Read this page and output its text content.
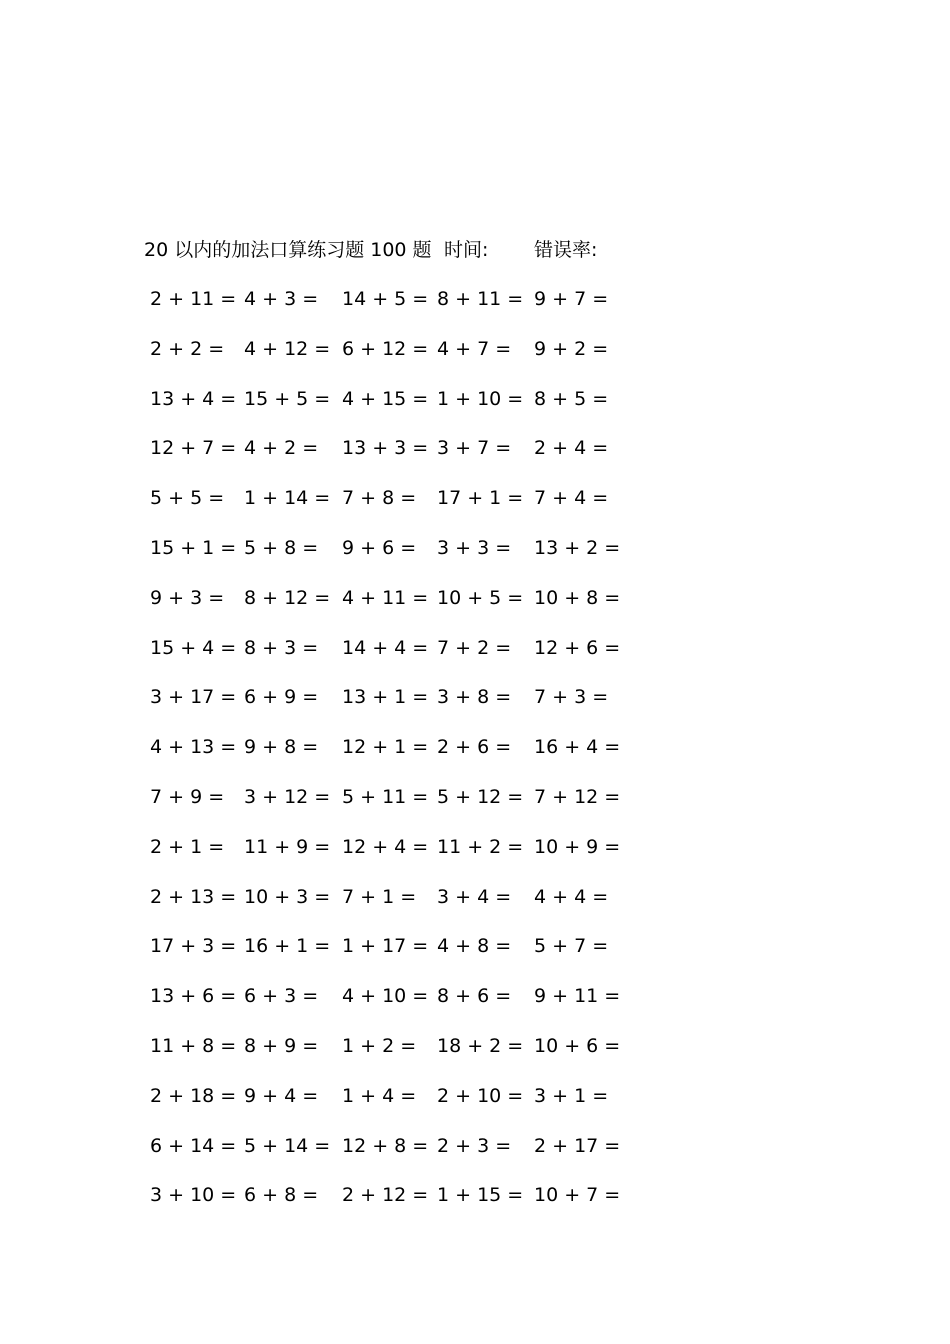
20 以内的加法口算练习题 100 题 时间: 错误率:
2 + 11 = 4 + 3 = 14 + 5 = 8 + 11 = 9 + 7 =
2 + 2 = 4 + 12 = 6 + 12 = 4 + 7 = 9 + 2 =
13 + 4 = 15 + 5 = 4 + 15 = 1 + 10 = 8 + 5 =
12 + 7 = 4 + 2 = 13 + 3 = 3 + 7 = 2 + 4 =
5 + 5 = 1 + 14 = 7 + 8 = 17 + 1 = 7 + 4 =
15 + 1 = 5 + 8 = 9 + 6 = 3 + 3 = 13 + 2 =
9 + 3 = 8 + 12 = 4 + 11 = 10 + 5 = 10 + 8 =
15 + 4 = 8 + 3 = 14 + 4 = 7 + 2 = 12 + 6 =
3 + 17 = 6 + 9 = 13 + 1 = 3 + 8 = 7 + 3 =
4 + 13 = 9 + 8 = 12 + 1 = 2 + 6 = 16 + 4 =
7 + 9 = 3 + 12 = 5 + 11 = 5 + 12 = 7 + 12 =
2 + 1 = 11 + 9 = 12 + 4 = 11 + 2 = 10 + 9 =
2 + 13 = 10 + 3 = 7 + 1 = 3 + 4 = 4 + 4 =
17 + 3 = 16 + 1 = 1 + 17 = 4 + 8 = 5 + 7 =
13 + 6 = 6 + 3 = 4 + 10 = 8 + 6 = 9 + 11 =
11 + 8 = 8 + 9 = 1 + 2 = 18 + 2 = 10 + 6 =
2 + 18 = 9 + 4 = 1 + 4 = 2 + 10 = 3 + 1 =
6 + 14 = 5 + 14 = 12 + 8 = 2 + 3 = 2 + 17 =
3 + 10 = 6 + 8 = 2 + 12 = 1 + 15 = 10 + 7 =
